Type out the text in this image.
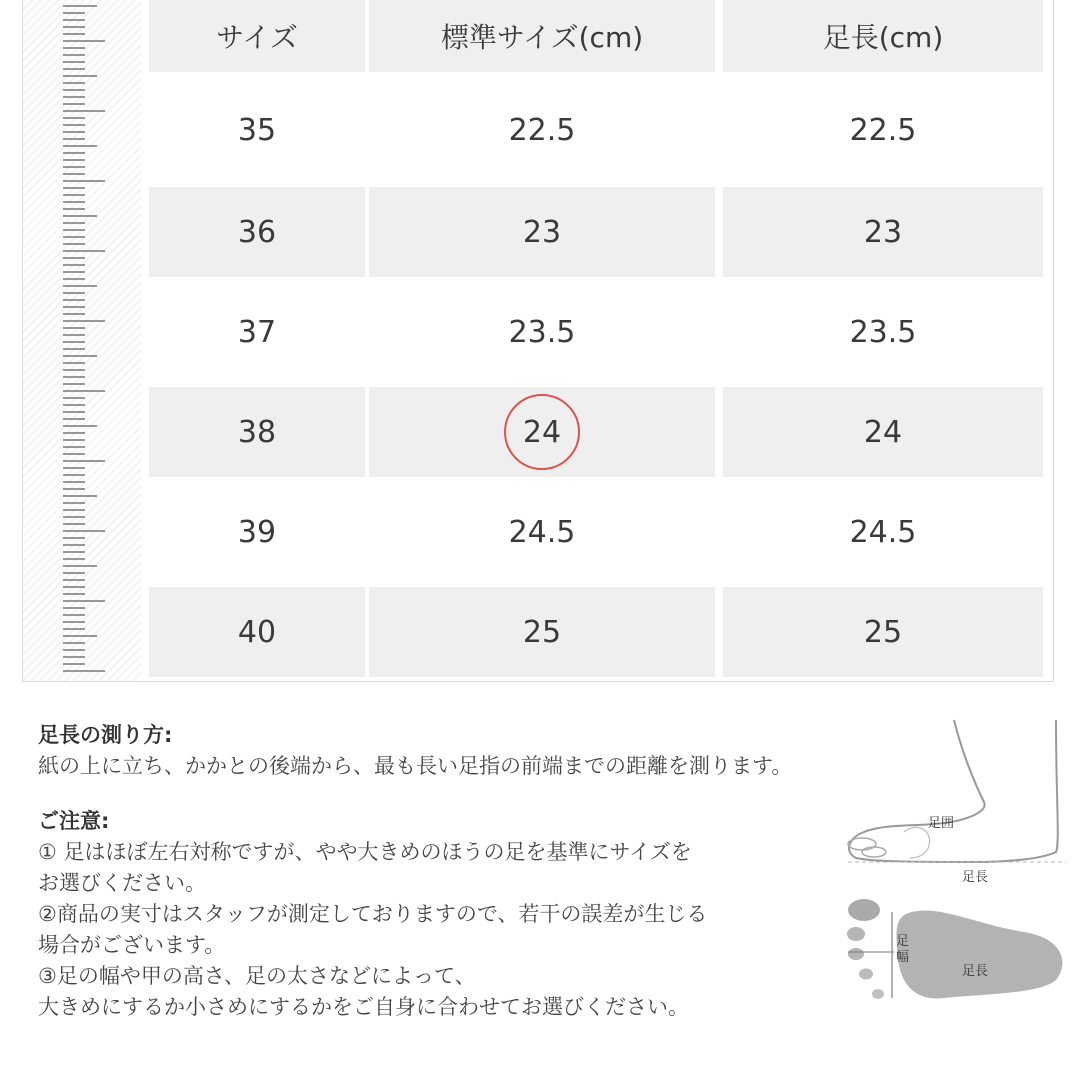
サイズ	標準サイズ(cm)	足長(cm)
35	22.5	22.5
36	23	23
37	23.5	23.5
38	24	24
39	24.5	24.5
40	25	25

足長の測り方:

紙の上に立ち、かかとの後端から、最も長い足指の前端までの距離を測ります。

ご注意:

① 足はほぼ左右対称ですが、やや大きめのほうの足を基準にサイズを

お選びください。

②商品の実寸はスタッフが測定しておりますので、若干の誤差が生じる

場合がございます。

③足の幅や甲の高さ、足の太さなどによって、

大きめにするか小さめにするかをご自身に合わせてお選びください。

足囲
足長
足
幅
足長
